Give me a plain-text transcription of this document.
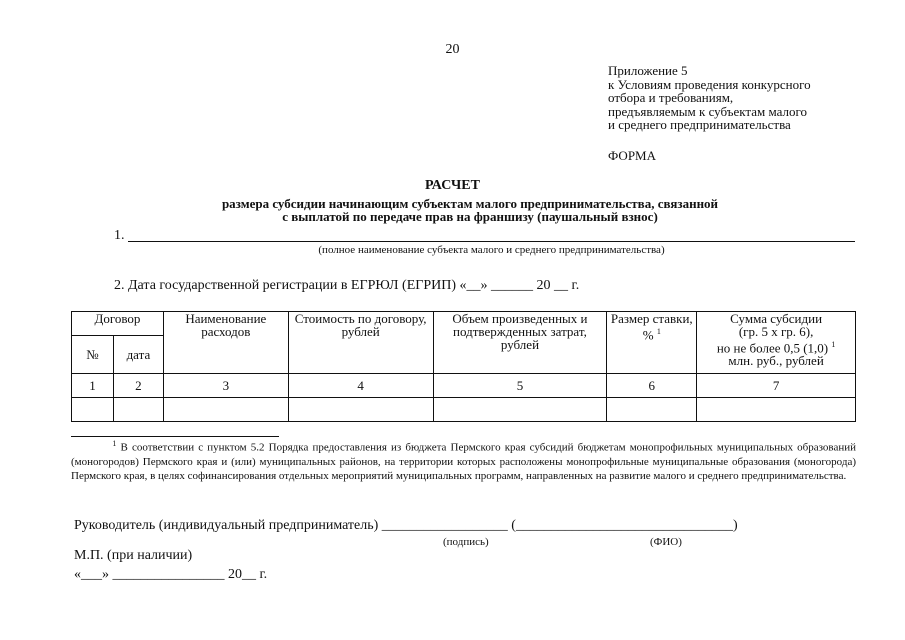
20
Приложение 5
к Условиям проведения конкурсного
отбора и требованиям,
предъявляемым к субъектам малого
и среднего предпринимательства
ФОРМА
РАСЧЕТ
размера субсидии начинающим субъектам малого предпринимательства, связанной
с выплатой по передаче прав на франшизу (паушальный взнос)
1.
(полное наименование субъекта малого и среднего предпринимательства)
2. Дата государственной регистрации в ЕГРЮЛ (ЕГРИП) «__» ______ 20 __ г.
Договор		Наименование расходов	Стоимость по договору, рублей	Объем произведенных и подтвержденных затрат, рублей	Размер ставки, % $^1$	Сумма субсидии
(гр. 5 х гр. 6),
но не более 0,5 (1,0) $^1$
млн. руб., рублей

№	дата					
1	2	3	4	5	6	7

$^1$ В соответствии с пунктом 5.2 Порядка предоставления из бюджета Пермского края субсидий бюджетам монопрофильных муниципальных образований (моногородов) Пермского края и (или) муниципальных районов, на территории которых расположены монопрофильные муниципальные образования (моногорода) Пермского края, в целях софинансирования отдельных мероприятий муниципальных программ, направленных на развитие малого и среднего предпринимательства.
Руководитель (индивидуальный предприниматель) __________________ (_______________________________)
(подпись)	(ФИО)
М.П. (при наличии)
«___» ________________ 20__ г.
